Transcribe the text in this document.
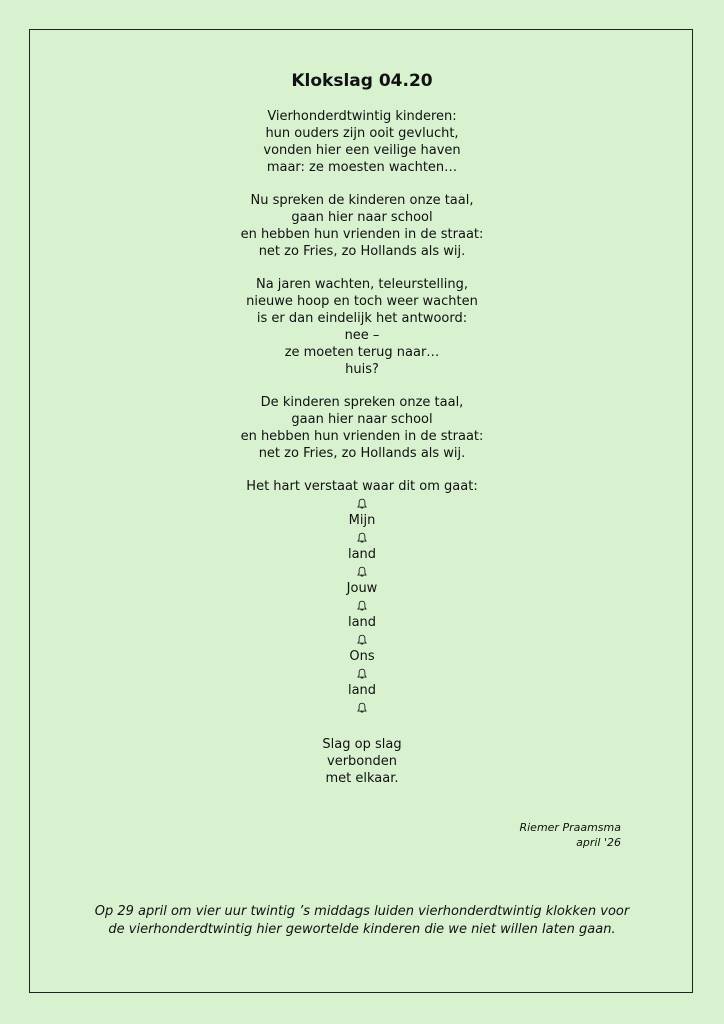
Klokslag 04.20
Vierhonderdtwintig kinderen:
hun ouders zijn ooit gevlucht,
vonden hier een veilige haven
maar: ze moesten wachten…
Nu spreken de kinderen onze taal,
gaan hier naar school
en hebben hun vrienden in de straat:
net zo Fries, zo Hollands als wij.
Na jaren wachten, teleurstelling,
nieuwe hoop en toch weer wachten
is er dan eindelijk het antwoord:
nee –
ze moeten terug naar…
huis?
De kinderen spreken onze taal,
gaan hier naar school
en hebben hun vrienden in de straat:
net zo Fries, zo Hollands als wij.
Het hart verstaat waar dit om gaat:
Mijn
land
Jouw
land
Ons
land
Slag op slag
verbonden
met elkaar.
Riemer Praamsma
april '26
Op 29 april om vier uur twintig ’s middags luiden vierhonderdtwintig klokken voor
de vierhonderdtwintig hier gewortelde kinderen die we niet willen laten gaan.
